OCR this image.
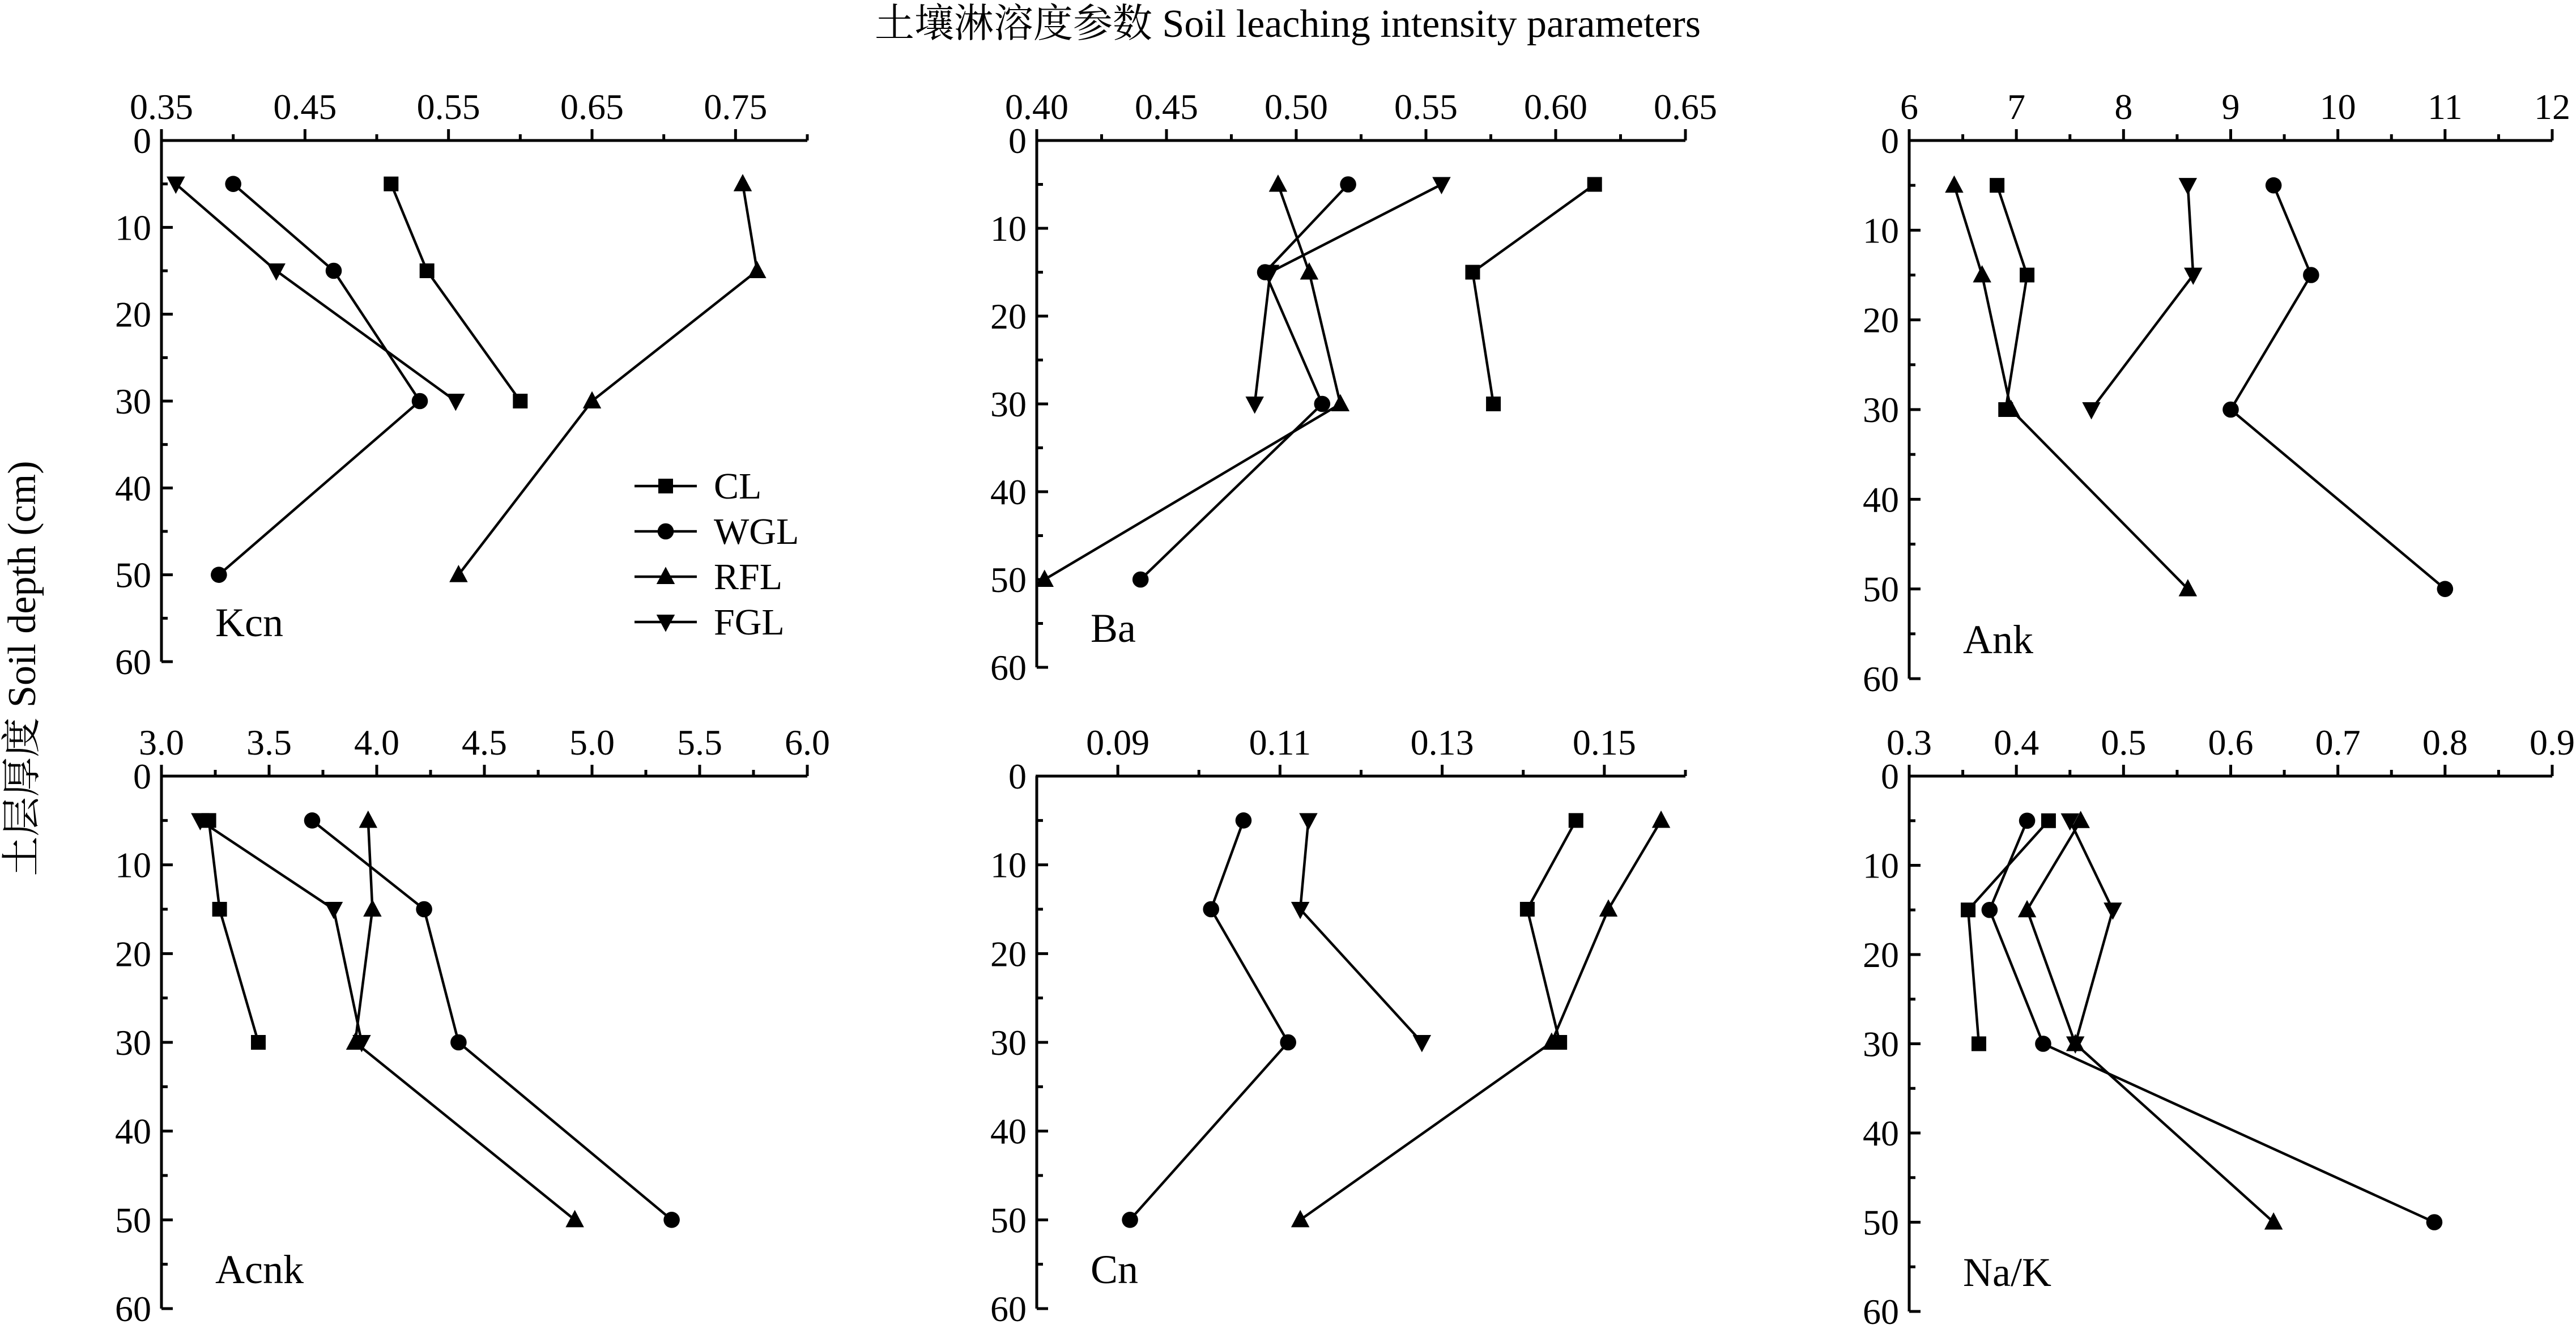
土壤淋溶度参数 Soil leaching intensity parameters
土层厚度 Soil depth (cm)
0.35 0.45 0.55 0.65 0.75
0
10
20
30
40
50
60
Kcn
0.40 0.45 0.50 0.55 0.60 0.65
0
10
20
30
40
50
60
Ba
6 7 8 9 10 11 12
0
10
20
30
40
50
60
Ank
3.0 3.5 4.0 4.5 5.0 5.5 6.0
0
10
20
30
40
50
60
Acnk
0.09	0.11	0.13	0.15
0
10
20
30
40
50
60
Cn
0.3 0.4 0.5 0.6 0.7 0.8 0.9
0
10
20
30
40
50
60
Na/K
CL
WGL
RFL
FGL
